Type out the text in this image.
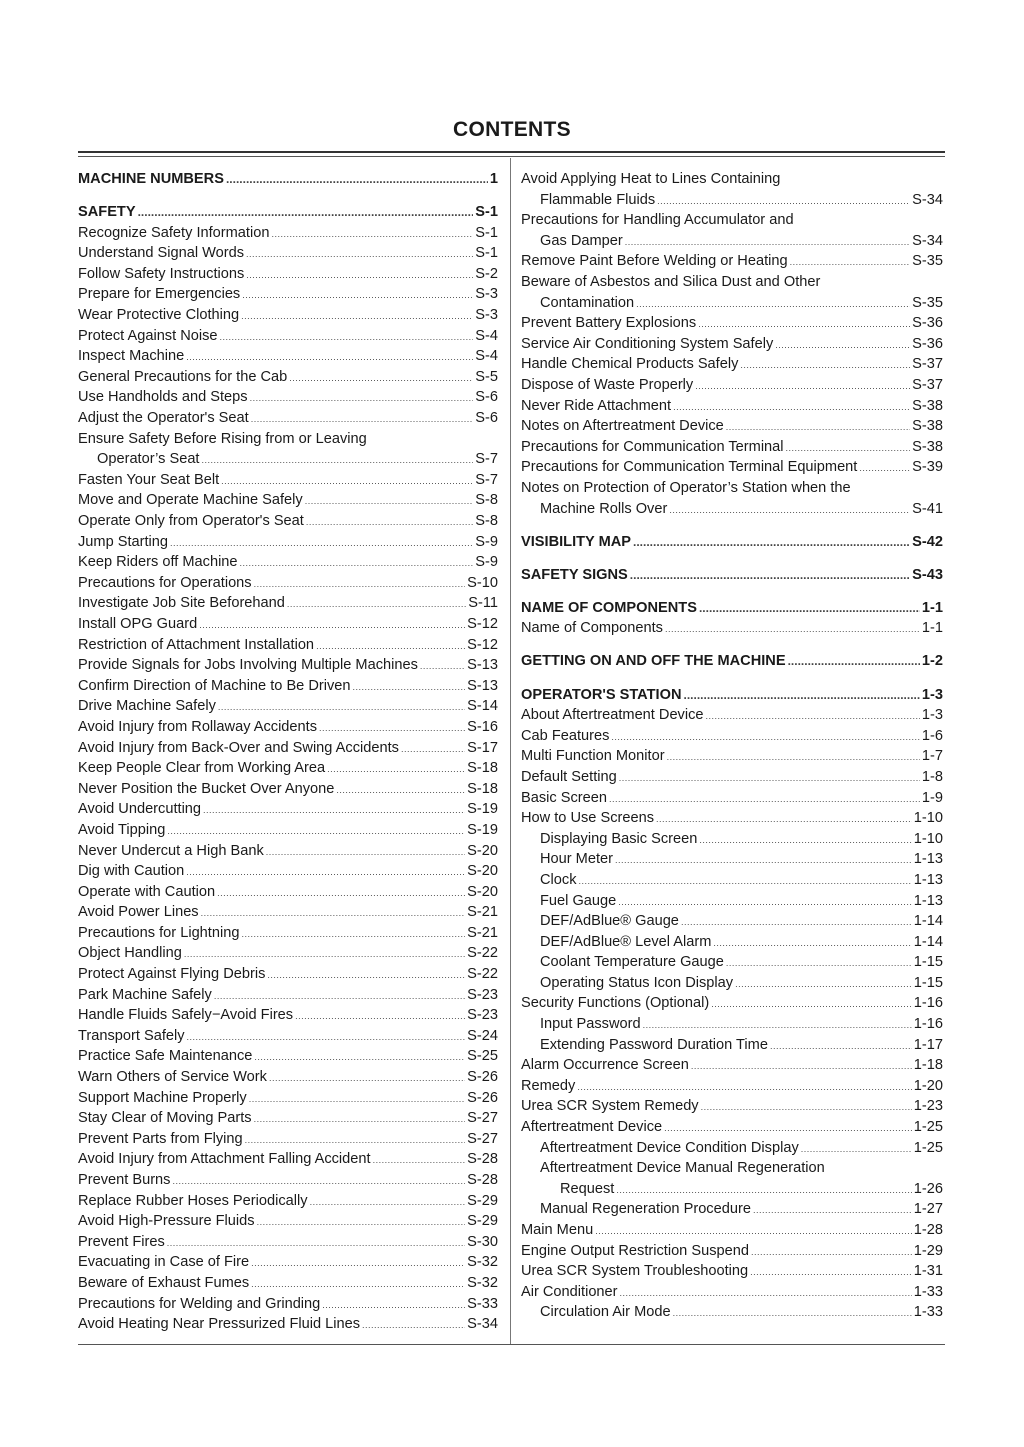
CONTENTS
MACHINE NUMBERS .....	1
SAFETY .....	S-1
Recognize Safety Information .....	S-1
Understand Signal Words .....	S-1
Follow Safety Instructions .....	S-2
Prepare for Emergencies .....	S-3
Wear Protective Clothing .....	S-3
Protect Against Noise .....	S-4
Inspect Machine .....	S-4
General Precautions for the Cab .....	S-5
Use Handholds and Steps .....	S-6
Adjust the Operator's Seat .....	S-6
Ensure Safety Before Rising from or Leaving
Operator’s Seat .....	S-7
Fasten Your Seat Belt .....	S-7
Move and Operate Machine Safely .....	S-8
Operate Only from Operator's Seat .....	S-8
Jump Starting .....	S-9
Keep Riders off Machine .....	S-9
Precautions for Operations .....	S-10
Investigate Job Site Beforehand .....	S-11
Install OPG Guard .....	S-12
Restriction of Attachment Installation .....	S-12
Provide Signals for Jobs Involving Multiple Machines .....	S-13
Confirm Direction of Machine to Be Driven .....	S-13
Drive Machine Safely .....	S-14
Avoid Injury from Rollaway Accidents .....	S-16
Avoid Injury from Back-Over and Swing Accidents .....	S-17
Keep People Clear from Working Area .....	S-18
Never Position the Bucket Over Anyone .....	S-18
Avoid Undercutting .....	S-19
Avoid Tipping .....	S-19
Never Undercut a High Bank .....	S-20
Dig with Caution .....	S-20
Operate with Caution .....	S-20
Avoid Power Lines .....	S-21
Precautions for Lightning .....	S-21
Object Handling .....	S-22
Protect Against Flying Debris .....	S-22
Park Machine Safely .....	S-23
Handle Fluids Safely−Avoid Fires .....	S-23
Transport Safely .....	S-24
Practice Safe Maintenance .....	S-25
Warn Others of Service Work .....	S-26
Support Machine Properly .....	S-26
Stay Clear of Moving Parts .....	S-27
Prevent Parts from Flying .....	S-27
Avoid Injury from Attachment Falling Accident .....	S-28
Prevent Burns .....	S-28
Replace Rubber Hoses Periodically .....	S-29
Avoid High-Pressure Fluids .....	S-29
Prevent Fires .....	S-30
Evacuating in Case of Fire .....	S-32
Beware of Exhaust Fumes .....	S-32
Precautions for Welding and Grinding .....	S-33
Avoid Heating Near Pressurized Fluid Lines .....	S-34
Avoid Applying Heat to Lines Containing
Flammable Fluids .....	S-34
Precautions for Handling Accumulator and
Gas Damper .....	S-34
Remove Paint Before Welding or Heating .....	S-35
Beware of Asbestos and Silica Dust and Other
Contamination .....	S-35
Prevent Battery Explosions .....	S-36
Service Air Conditioning System Safely .....	S-36
Handle Chemical Products Safely .....	S-37
Dispose of Waste Properly .....	S-37
Never Ride Attachment .....	S-38
Notes on Aftertreatment Device .....	S-38
Precautions for Communication Terminal .....	S-38
Precautions for Communication Terminal Equipment .....	S-39
Notes on Protection of Operator’s Station when the
Machine Rolls Over .....	S-41
VISIBILITY MAP .....	S-42
SAFETY SIGNS .....	S-43
NAME OF COMPONENTS .....	1-1
Name of Components .....	1-1
GETTING ON AND OFF THE MACHINE .....	1-2
OPERATOR'S STATION .....	1-3
About Aftertreatment Device .....	1-3
Cab Features .....	1-6
Multi Function Monitor .....	1-7
Default Setting .....	1-8
Basic Screen .....	1-9
How to Use Screens .....	1-10
Displaying Basic Screen .....	1-10
Hour Meter .....	1-13
Clock .....	1-13
Fuel Gauge .....	1-13
DEF/AdBlue® Gauge .....	1-14
DEF/AdBlue® Level Alarm .....	1-14
Coolant Temperature Gauge .....	1-15
Operating Status Icon Display .....	1-15
Security Functions (Optional) .....	1-16
Input Password .....	1-16
Extending Password Duration Time .....	1-17
Alarm Occurrence Screen .....	1-18
Remedy .....	1-20
Urea SCR System Remedy .....	1-23
Aftertreatment Device .....	1-25
Aftertreatment Device Condition Display .....	1-25
Aftertreatment Device Manual Regeneration
Request .....	1-26
Manual Regeneration Procedure .....	1-27
Main Menu .....	1-28
Engine Output Restriction Suspend .....	1-29
Urea SCR System Troubleshooting .....	1-31
Air Conditioner .....	1-33
Circulation Air Mode .....	1-33
